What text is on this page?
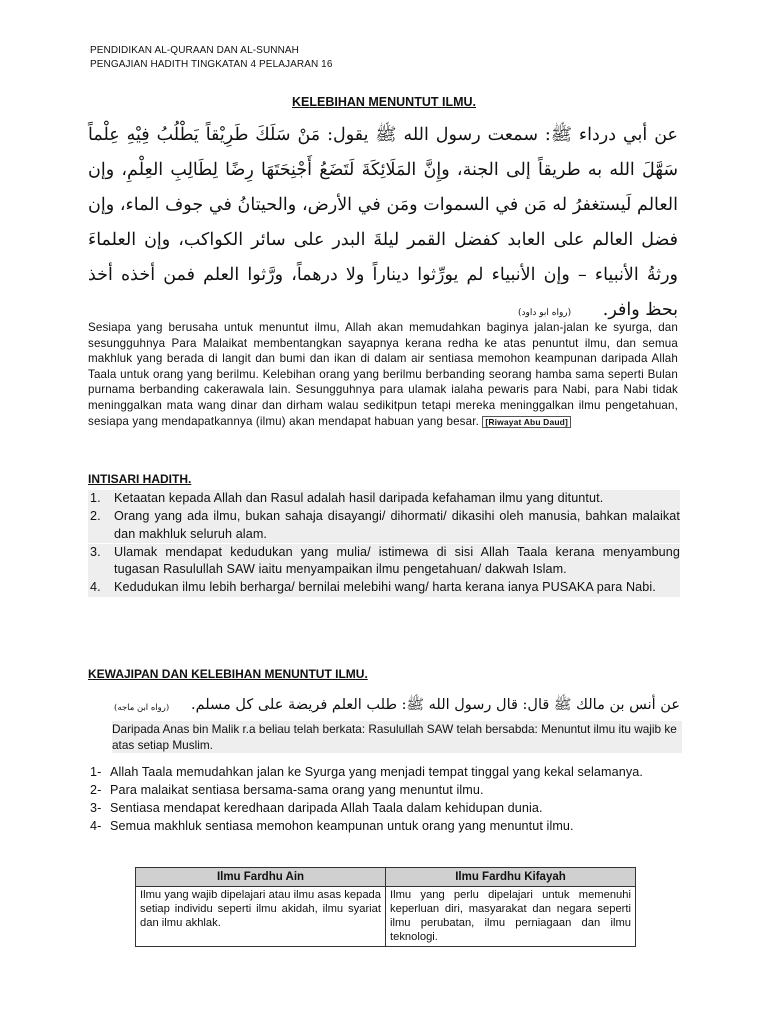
PENDIDIKAN AL-QURAAN DAN AL-SUNNAH
PENGAJIAN HADITH TINGKATAN 4 PELAJARAN 16
KELEBIHAN MENUNTUT ILMU.
عن أبي درداء ﷺ: سمعت رسول الله ﷺ يقول: مَنْ سَلَكَ طَرِيْقاً يَطْلُبُ فِيْهِ عِلْماً سَهَّلَ الله به طريقاً إلى الجنة، وإِنَّ المَلَائِكَةَ لَتَضَعُ أَجْنِحَتَهَا رِضًا لِطَالِبِ العِلْمِ، وإن العالم لَيستغفرُ له مَن في السموات ومَن في الأرض، والحيتانُ في جوف الماء، وإن فضل العالم على العابد كفضل القمر ليلةَ البدر على سائر الكواكب، وإن العلماءَ ورثةُ الأنبياء – وإن الأنبياء لم يورِّثوا ديناراً ولا درهماً، ورَّثوا العلم فمن أخذه أخذ بحظ وافر. (رواه ابو داود)
Sesiapa yang berusaha untuk menuntut ilmu, Allah akan memudahkan baginya jalan-jalan ke syurga, dan sesungguhnya Para Malaikat membentangkan sayapnya kerana redha ke atas penuntut ilmu, dan semua makhluk yang berada di langit dan bumi dan ikan di dalam air sentiasa memohon keampunan daripada Allah Taala untuk orang yang berilmu. Kelebihan orang yang berilmu berbanding seorang hamba sama seperti Bulan purnama berbanding cakerawala lain. Sesungguhnya para ulamak ialaha pewaris para Nabi, para Nabi tidak meninggalkan mata wang dinar dan dirham walau sedikitpun tetapi mereka meninggalkan ilmu pengetahuan, sesiapa yang mendapatkannya (ilmu) akan mendapat habuan yang besar. [Riwayat Abu Daud]
INTISARI HADITH.
1. Ketaatan kepada Allah dan Rasul adalah hasil daripada kefahaman ilmu yang dituntut.
2. Orang yang ada ilmu, bukan sahaja disayangi/ dihormati/ dikasihi oleh manusia, bahkan malaikat dan makhluk seluruh alam.
3. Ulamak mendapat kedudukan yang mulia/ istimewa di sisi Allah Taala kerana menyambung tugasan Rasulullah SAW iaitu menyampaikan ilmu pengetahuan/ dakwah Islam.
4. Kedudukan ilmu lebih berharga/ bernilai melebihi wang/ harta kerana ianya PUSAKA para Nabi.
KEWAJIPAN DAN KELEBIHAN MENUNTUT ILMU.
عن أنس بن مالك ﷺ قال: قال رسول الله ﷺ: طلب العلم فريضة على كل مسلم.
(رواه ابن ماجه)
Daripada Anas bin Malik r.a beliau telah berkata: Rasulullah SAW telah bersabda: Menuntut ilmu itu wajib ke atas setiap Muslim.
1- Allah Taala memudahkan jalan ke Syurga yang menjadi tempat tinggal yang kekal selamanya.
2- Para malaikat sentiasa bersama-sama orang yang menuntut ilmu.
3- Sentiasa mendapat keredhaan daripada Allah Taala dalam kehidupan dunia.
4- Semua makhluk sentiasa memohon keampunan untuk orang yang menuntut ilmu.
Ilmu Fardhu Ain	Ilmu Fardhu Kifayah
Ilmu yang wajib dipelajari atau ilmu asas kepada setiap individu seperti ilmu akidah, ilmu syariat dan ilmu akhlak.	Ilmu yang perlu dipelajari untuk memenuhi keperluan diri, masyarakat dan negara seperti ilmu perubatan, ilmu perniagaan dan ilmu teknologi.
